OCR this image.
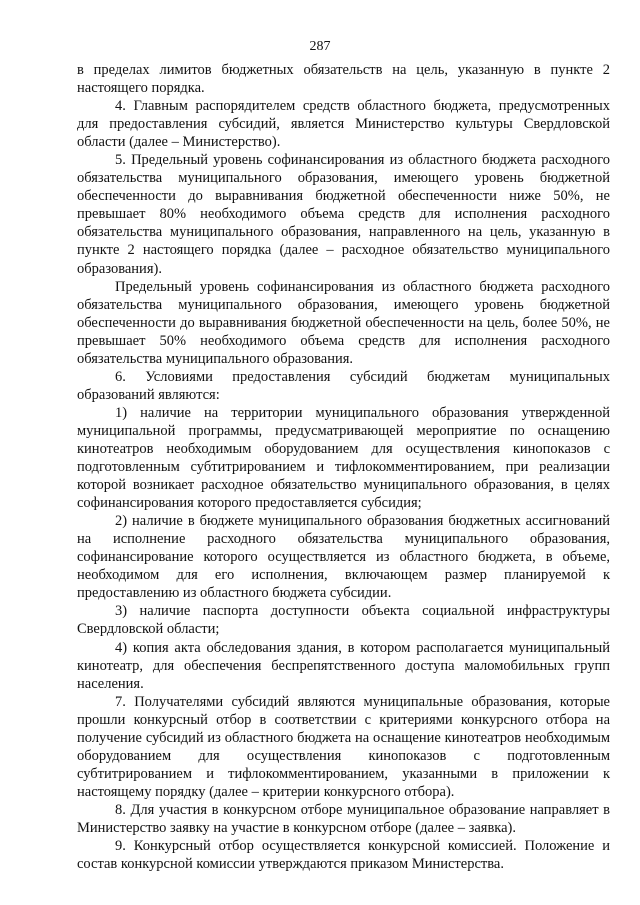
287

в пределах лимитов бюджетных обязательств на цель, указанную в пункте 2 настоящего порядка.

4. Главным распорядителем средств областного бюджета, предусмотренных для предоставления субсидий, является Министерство культуры Свердловской области (далее – Министерство).

5. Предельный уровень софинансирования из областного бюджета расходного обязательства муниципального образования, имеющего уровень бюджетной обеспеченности до выравнивания бюджетной обеспеченности ниже 50%, не превышает 80% необходимого объема средств для исполнения расходного обязательства муниципального образования, направленного на цель, указанную в пункте 2 настоящего порядка (далее – расходное обязательство муниципального образования).

Предельный уровень софинансирования из областного бюджета расходного обязательства муниципального образования, имеющего уровень бюджетной обеспеченности до выравнивания бюджетной обеспеченности на цель, более 50%, не превышает 50% необходимого объема средств для исполнения расходного обязательства муниципального образования.

6. Условиями предоставления субсидий бюджетам муниципальных образований являются:

1) наличие на территории муниципального образования утвержденной муниципальной программы, предусматривающей мероприятие по оснащению кинотеатров необходимым оборудованием для осуществления кинопоказов с подготовленным субтитрированием и тифлокомментированием, при реализации которой возникает расходное обязательство муниципального образования, в целях софинансирования которого предоставляется субсидия;

2) наличие в бюджете муниципального образования бюджетных ассигнований на исполнение расходного обязательства муниципального образования, софинансирование которого осуществляется из областного бюджета, в объеме, необходимом для его исполнения, включающем размер планируемой к предоставлению из областного бюджета субсидии.

3) наличие паспорта доступности объекта социальной инфраструктуры Свердловской области;

4) копия акта обследования здания, в котором располагается муниципальный кинотеатр, для обеспечения беспрепятственного доступа маломобильных групп населения.

7. Получателями субсидий являются муниципальные образования, которые прошли конкурсный отбор в соответствии с критериями конкурсного отбора на получение субсидий из областного бюджета на оснащение кинотеатров необходимым оборудованием для осуществления кинопоказов с подготовленным субтитрированием и тифлокомментированием, указанными в приложении к настоящему порядку (далее – критерии конкурсного отбора).

8. Для участия в конкурсном отборе муниципальное образование направляет в Министерство заявку на участие в конкурсном отборе (далее – заявка).

9. Конкурсный отбор осуществляется конкурсной комиссией. Положение и состав конкурсной комиссии утверждаются приказом Министерства.
